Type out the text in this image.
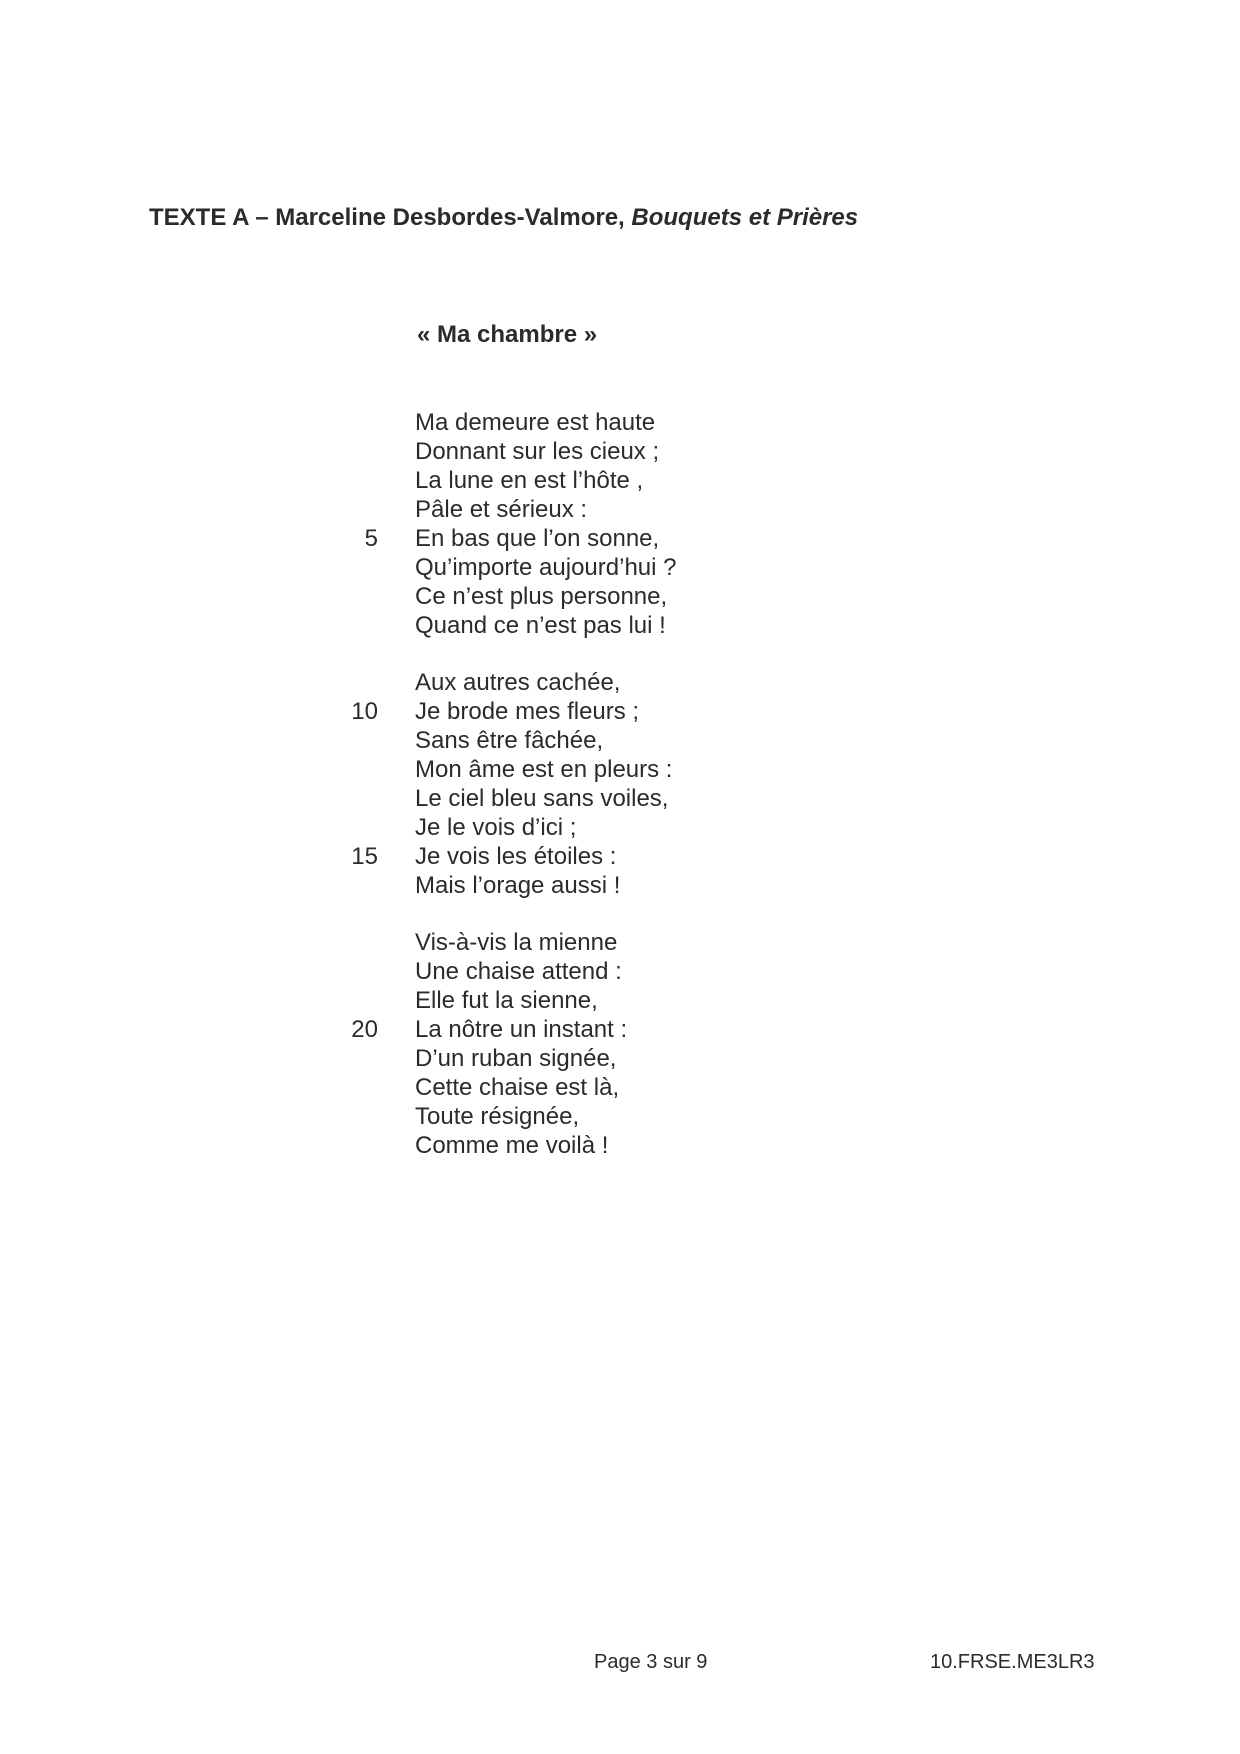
TEXTE A – Marceline Desbordes-Valmore, Bouquets et Prières
« Ma chambre »
Ma demeure est haute
Donnant sur les cieux ;
La lune en est l’hôte ,
Pâle et sérieux :
5 En bas que l’on sonne,
Qu’importe aujourd’hui ?
Ce n’est plus personne,
Quand ce n’est pas lui !
Aux autres cachée,
10 Je brode mes fleurs ;
Sans être fâchée,
Mon âme est en pleurs :
Le ciel bleu sans voiles,
Je le vois d’ici ;
15 Je vois les étoiles :
Mais l’orage aussi !
Vis-à-vis la mienne
Une chaise attend :
Elle fut la sienne,
20 La nôtre un instant :
D’un ruban signée,
Cette chaise est là,
Toute résignée,
Comme me voilà !
Page 3 sur 9	10.FRSE.ME3LR3
